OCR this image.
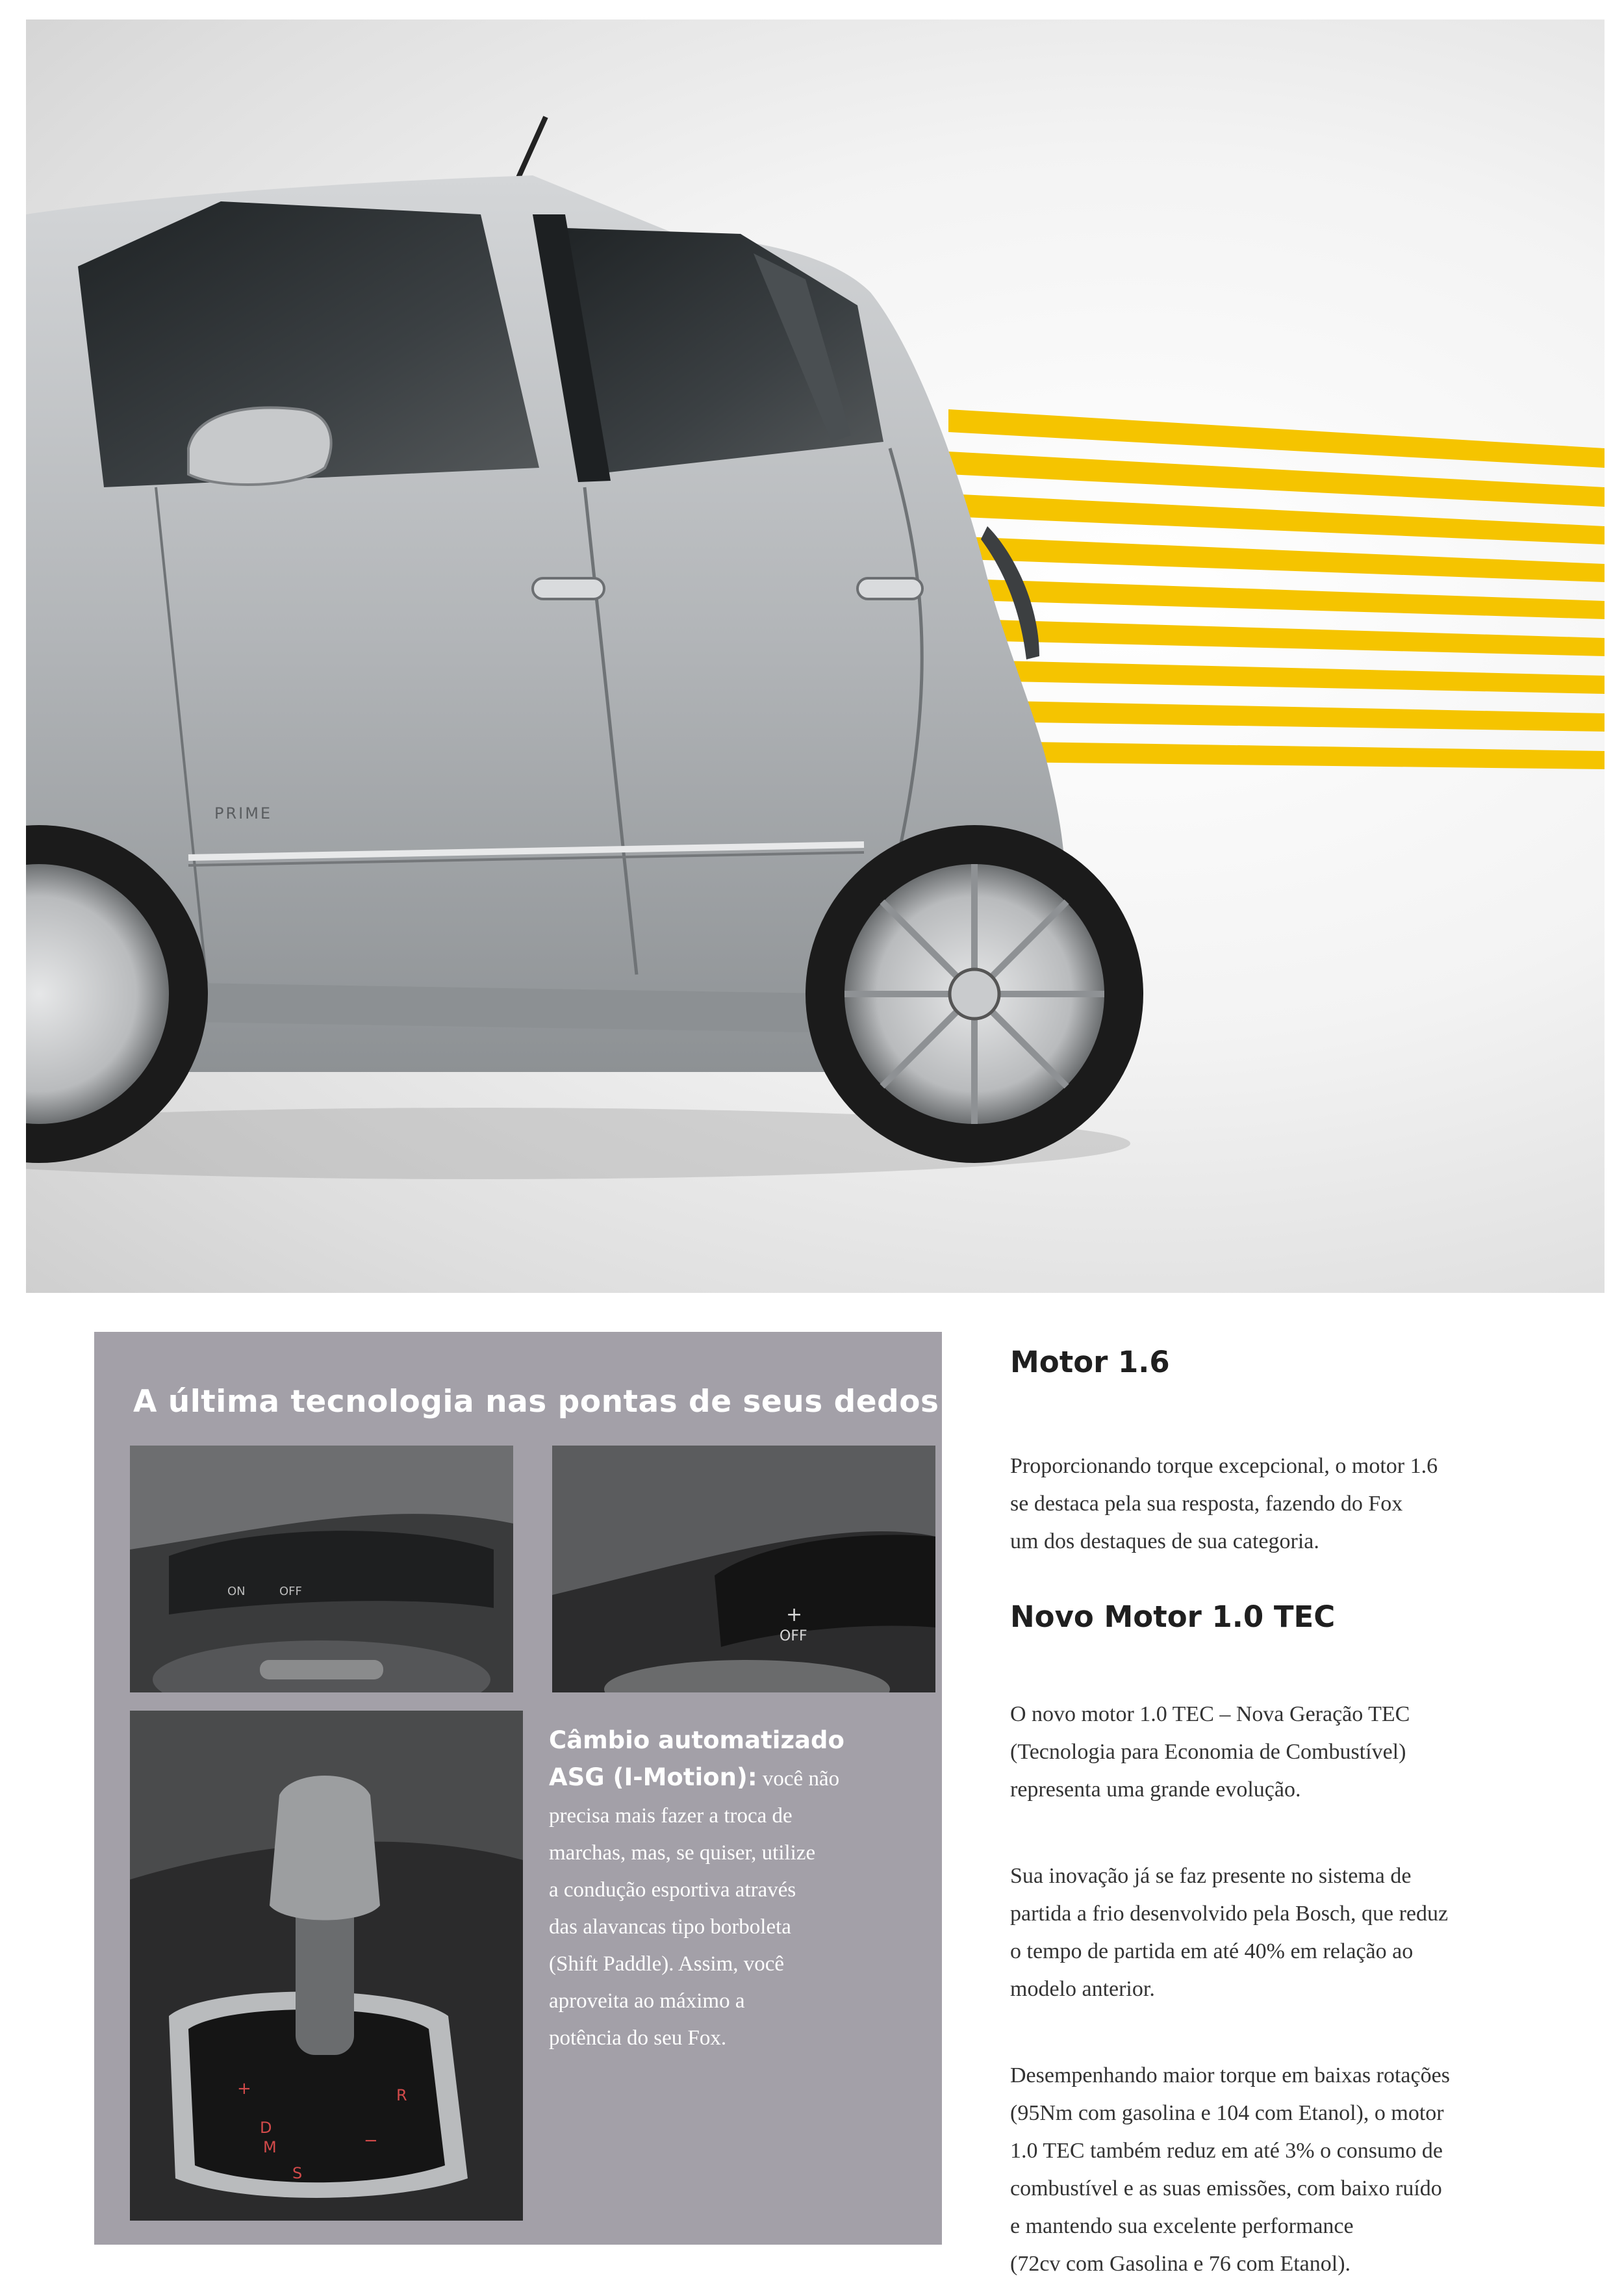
PRIME
A última tecnologia nas pontas de seus dedos.
ON	OFF
+
OFF
+
−
D
M
S
R
Câmbio automatizado
ASG (I-Motion): você não
precisa mais fazer a troca de
marchas, mas, se quiser, utilize
a condução esportiva através
das alavancas tipo borboleta
(Shift Paddle). Assim, você
aproveita ao máximo a
potência do seu Fox.
Motor 1.6

Proporcionando torque excepcional, o motor 1.6

se destaca pela sua resposta, fazendo do Fox

um dos destaques de sua categoria.

Novo Motor 1.0 TEC

O novo motor 1.0 TEC – Nova Geração TEC

(Tecnologia para Economia de Combustível)

representa uma grande evolução.

Sua inovação já se faz presente no sistema de

partida a frio desenvolvido pela Bosch, que reduz

o tempo de partida em até 40% em relação ao

modelo anterior.

Desempenhando maior torque em baixas rotações

(95Nm com gasolina e 104 com Etanol), o motor

1.0 TEC também reduz em até 3% o consumo de

combustível e as suas emissões, com baixo ruído

e mantendo sua excelente performance

(72cv com Gasolina e 76 com Etanol).
